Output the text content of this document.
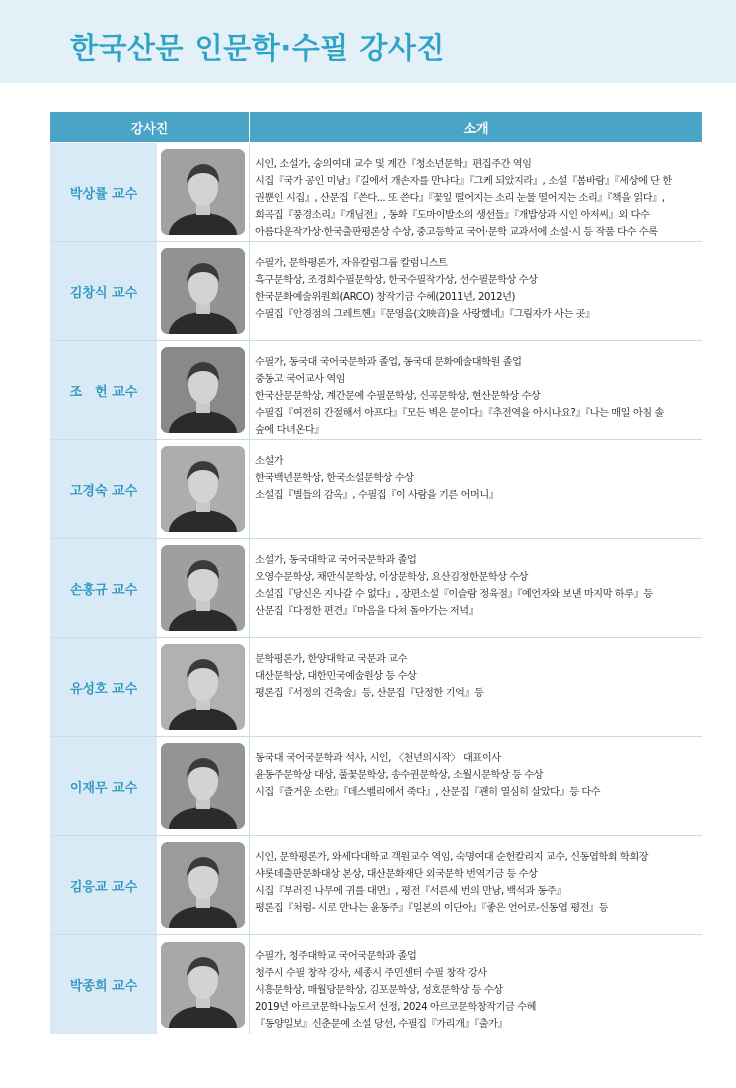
한국산문 인문학·수필 강사진
강사진	소개
박상률 교수
시인, 소설가, 숭의여대 교수 및 계간『청소년문학』편집주간 역임
시집『국가 공인 미남』『길에서 개손자를 만나다』『그케 되았지라』, 소설『봄바람』『세상에 단 한
권뿐인 시집』, 산문집『쓴다... 또 쓴다』『꽃잎 떨어지는 소리 눈물 떨어지는 소리』『책을 읽다』,
희곡집『풍경소리』『개님전』, 동화『도마이발소의 생선들』『개밥상과 시인 아저씨』외 다수
아름다운작가상·한국출판평론상 수상, 중고등학교 국어·문학 교과서에 소설·시 등 작품 다수 수록
김창식 교수
수필가, 문학평론가, 자유칼럼그룹 칼럼니스트
흑구문학상, 조경희수필문학상, 한국수필작가상, 선수필문학상 수상
한국문화예술위원회(ARCO) 창작기금 수혜(2011년, 2012년)
수필집『안경점의 그레트헨』『문영음(文映音)을 사랑했네』『그림자가 사는 곳』
조　헌 교수
수필가, 동국대 국어국문학과 졸업, 동국대 문화예술대학원 졸업
중동고 국어교사 역임
한국산문문학상, 계간문예 수필문학상, 신곡문학상, 현산문학상 수상
수필집『여전히 간절해서 아프다』『모든 벽은 문이다』『추전역을 아시나요?』『나는 매일 아침 솔
숲에 다녀온다』
고경숙 교수
소설가
한국백년문학상, 한국소설문학상 수상
소설집『별들의 감옥』, 수필집『이 사람을 기른 어머니』
손홍규 교수
소설가, 동국대학교 국어국문학과 졸업
오영수문학상, 채만식문학상, 이상문학상, 요산김정한문학상 수상
소설집『당신은 지나갈 수 없다』, 장편소설『이슬람 정육점』『예언자와 보낸 마지막 하루』등
산문집『다정한 편견』『마음을 다쳐 돌아가는 저녁』
유성호 교수
문학평론가, 한양대학교 국문과 교수
대산문학상, 대한민국예술원상 등 수상
평론집『서정의 건축술』등, 산문집『단정한 기억』등
이재무 교수
동국대 국어국문학과 석사, 시인, 〈천년의시작〉 대표이사
윤동주문학상 대상, 풀꽃문학상, 송수권문학상, 소월시문학상 등 수상
시집『즐거운 소란』『데스벨리에서 죽다』, 산문집『괜히 열심히 살았다』등 다수
김응교 교수
시인, 문학평론가, 와세다대학교 객원교수 역임, 숙명여대 순헌칼리지 교수, 신동엽학회 학회장
샤롯데출판문화대상 본상, 대산문화재단 외국문학 번역기금 등 수상
시집『부러진 나무에 귀를 대면』, 평전『서른세 번의 만남, 백석과 동주』
평론집『처럼- 시로 만나는 윤동주』『일본의 이단아』『좋은 언어로-신동엽 평전』등
박종희 교수
수필가, 청주대학교 국어국문학과 졸업
청주시 수필 창작 강사, 세종시 주민센터 수필 창작 강사
시흥문학상, 매월당문학상, 김포문학상, 성호문학상 등 수상
2019년 아르코문학나눔도서 선정, 2024 아르코문학창작기금 수혜
『동양일보』신춘문예 소설 당선, 수필집『가리개』『출가』
